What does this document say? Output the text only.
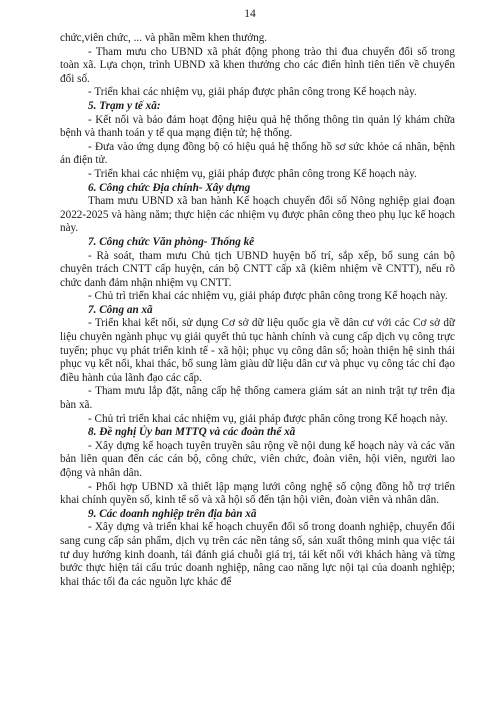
14

chức,viên chức, ... và phần mềm khen thưởng.

- Tham mưu cho UBND xã phát động phong trào thi đua chuyển đổi số trong toàn xã. Lựa chọn, trình UBND xã khen thưởng cho các điển hình tiên tiến về chuyển đổi số.

- Triển khai các nhiệm vụ, giải pháp được phân công trong Kế hoạch này.

5. Trạm y tế xã:

- Kết nối và bảo đảm hoạt động hiệu quả hệ thống thông tin quản lý khám chữa bệnh và thanh toán y tế qua mạng điện tử; hệ thống.

- Đưa vào ứng dụng đồng bộ có hiệu quả hệ thống hồ sơ sức khỏe cá nhân, bệnh án điện tử.

- Triển khai các nhiệm vụ, giải pháp được phân công trong Kế hoạch này.

6. Công chức Địa chính- Xây dựng

Tham mưu UBND xã ban hành Kế hoạch chuyển đổi số Nông nghiệp giai đoạn 2022-2025 và hàng năm; thực hiện các nhiệm vụ được phân công theo phụ lục kế hoạch này.

7. Công chức Văn phòng- Thống kê

- Rà soát, tham mưu Chủ tịch UBND huyện bố trí, sắp xếp, bổ sung cán bộ chuyên trách CNTT cấp huyện, cán bộ CNTT cấp xã (kiêm nhiệm về CNTT), nếu rõ chức danh đảm nhận nhiệm vụ CNTT.

- Chủ trì triển khai các nhiệm vụ, giải pháp được phân công trong Kế hoạch này.

7. Công an xã

- Triển khai kết nối, sử dụng Cơ sở dữ liệu quốc gia về dân cư với các Cơ sở dữ liệu chuyên ngành phục vụ giải quyết thủ tục hành chính và cung cấp dịch vụ công trực tuyến; phục vụ phát triển kinh tế - xã hội; phục vụ công dân số; hoàn thiện hệ sinh thái phục vụ kết nối, khai thác, bổ sung làm giàu dữ liệu dân cư và phục vụ công tác chỉ đạo điều hành của lãnh đạo các cấp.

- Tham mưu lắp đặt, nâng cấp hệ thống camera giám sát an ninh trật tự trên địa bàn xã.

- Chủ trì triển khai các nhiệm vụ, giải pháp được phân công trong Kế hoạch này.

8. Đề nghị Ủy ban MTTQ và các đoàn thể xã

- Xây dựng kế hoạch tuyên truyền sâu rộng về nội dung kế hoạch này và các văn bản liên quan đến các cán bộ, công chức, viên chức, đoàn viên, hội viên, người lao động và nhân dân.

- Phối hợp UBND xã thiết lập mạng lưới công nghệ số cộng đồng hỗ trợ triển khai chính quyền số, kinh tế số và xã hội số đến tận hội viên, đoàn viên và nhân dân.

9. Các doanh nghiệp trên địa bàn xã

- Xây dựng và triển khai kế hoạch chuyển đổi số trong doanh nghiệp, chuyển đổi sang cung cấp sản phẩm, dịch vụ trên các nền tảng số, sản xuất thông minh qua việc tái tư duy hướng kinh doanh, tái đánh giá chuỗi giá trị, tái kết nối với khách hàng và từng bước thực hiện tái cấu trúc doanh nghiệp, nâng cao năng lực nội tại của doanh nghiệp; khai thác tối đa các nguồn lực khác để
